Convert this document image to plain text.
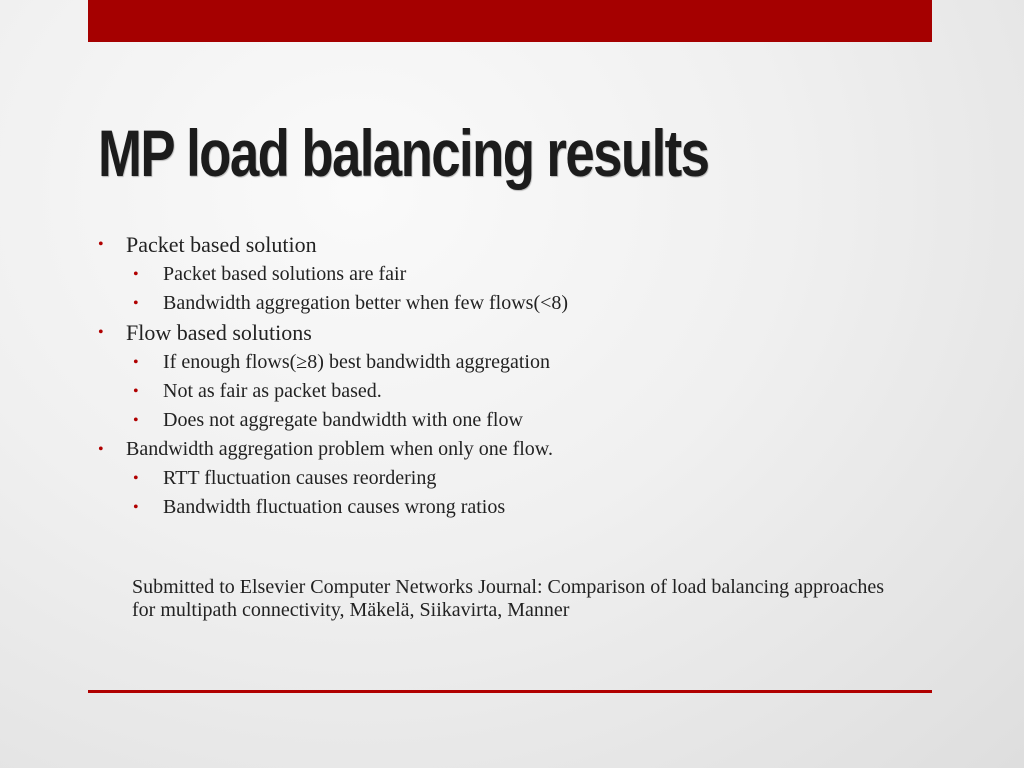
MP load balancing results
• Packet based solution
• Packet based solutions are fair
• Bandwidth aggregation better when few flows(<8)
• Flow based solutions
• If enough flows(≥8) best bandwidth aggregation
• Not as fair as packet based.
• Does not aggregate bandwidth with one flow
• Bandwidth aggregation problem when only one flow.
• RTT fluctuation causes reordering
• Bandwidth fluctuation causes wrong ratios

Submitted to Elsevier Computer Networks Journal: Comparison of load balancing approaches for multipath connectivity, Mäkelä, Siikavirta, Manner
